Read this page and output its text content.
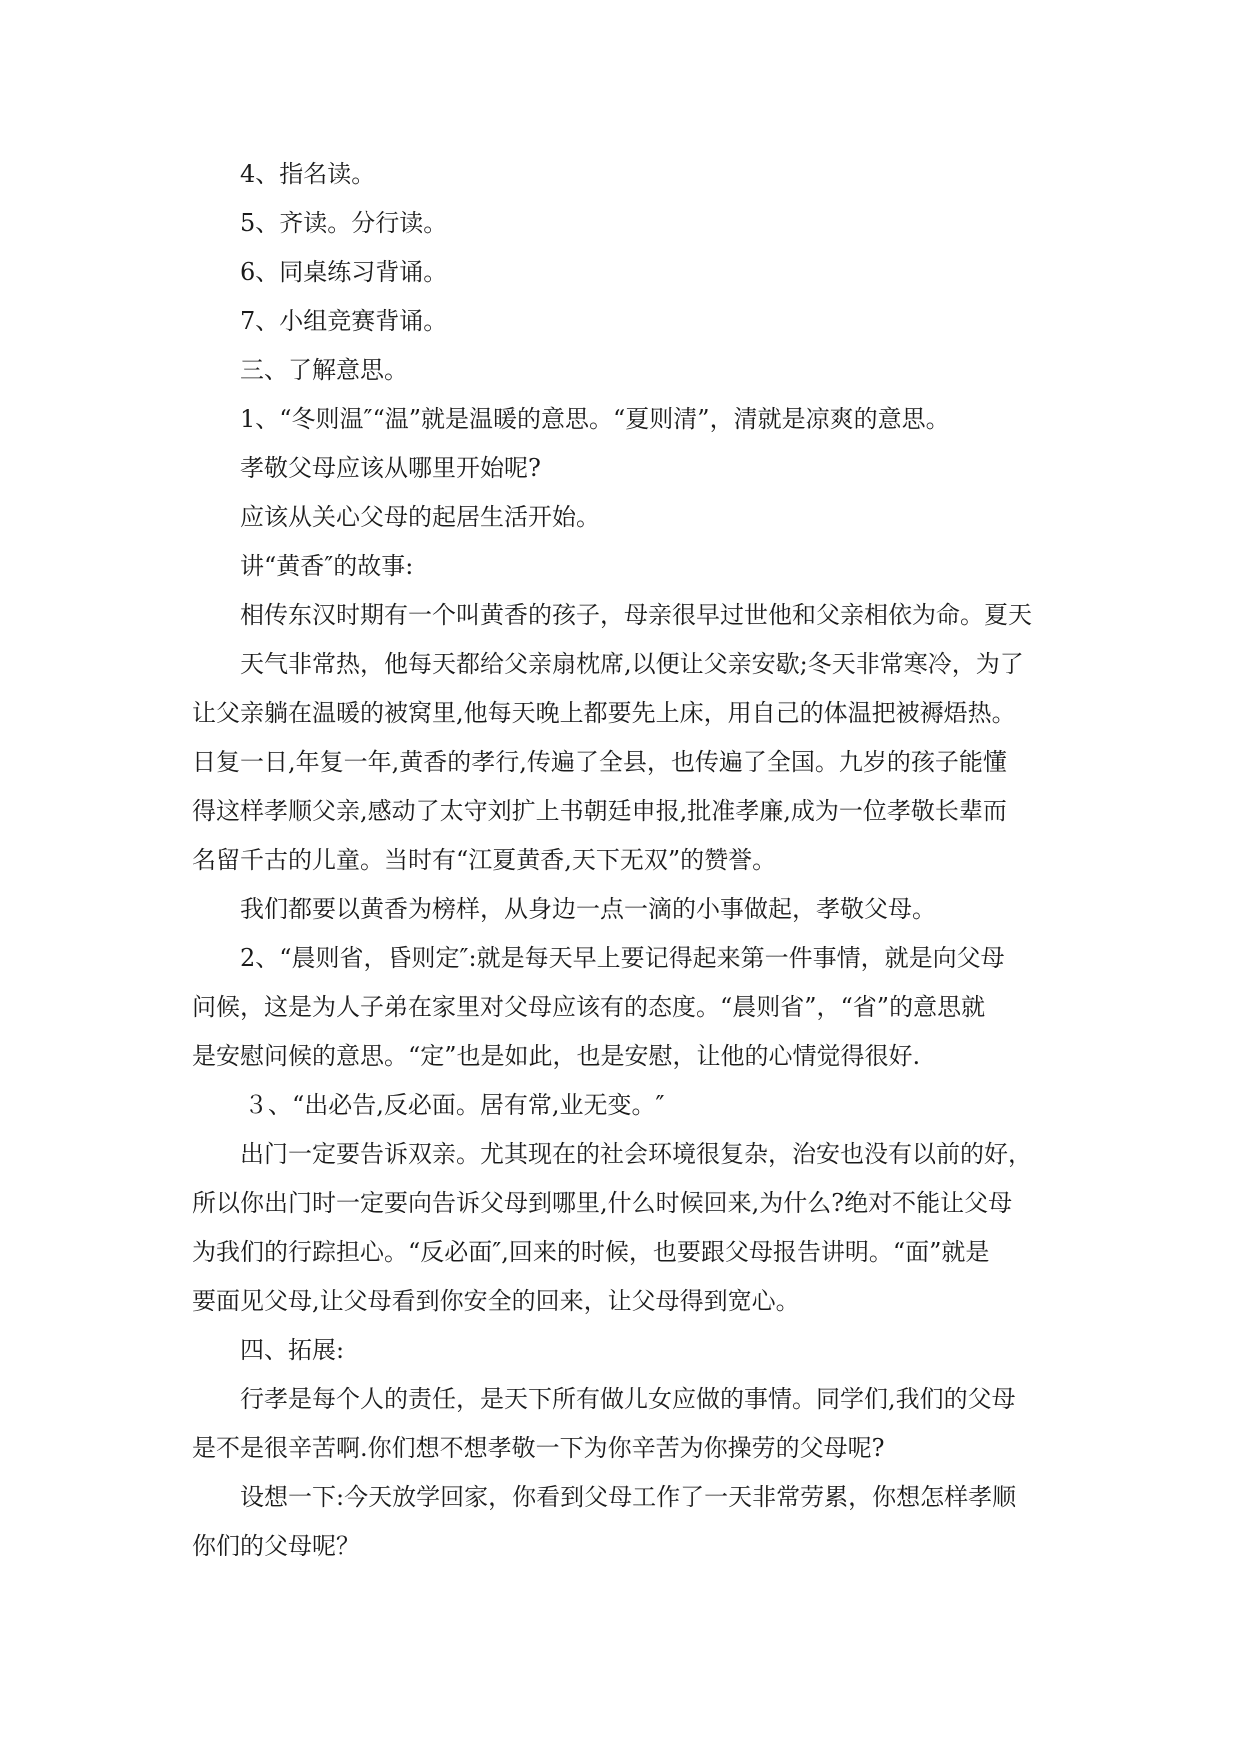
4、指名读。

5、齐读。分行读。

6、同桌练习背诵。

7、小组竞赛背诵。

三、了解意思。

1、“冬则温″“温”就是温暖的意思。“夏则清”，清就是凉爽的意思。

孝敬父母应该从哪里开始呢?

应该从关心父母的起居生活开始。

讲“黄香″的故事:

相传东汉时期有一个叫黄香的孩子，母亲很早过世他和父亲相依为命。夏天

天气非常热，他每天都给父亲扇枕席,以便让父亲安歇;冬天非常寒冷，为了

让父亲躺在温暖的被窝里,他每天晚上都要先上床，用自己的体温把被褥焐热。

日复一日,年复一年,黄香的孝行,传遍了全县，也传遍了全国。九岁的孩子能懂

得这样孝顺父亲,感动了太守刘扩上书朝廷申报,批准孝廉,成为一位孝敬长辈而

名留千古的儿童。当时有“江夏黄香,天下无双”的赞誉。

我们都要以黄香为榜样，从身边一点一滴的小事做起，孝敬父母。

2、“晨则省，昏则定″:就是每天早上要记得起来第一件事情，就是向父母

问候，这是为人子弟在家里对父母应该有的态度。“晨则省”，“省”的意思就

是安慰问候的意思。“定”也是如此，也是安慰，让他的心情觉得很好.

３、“出必告,反必面。居有常,业无变。″

出门一定要告诉双亲。尤其现在的社会环境很复杂，治安也没有以前的好，

所以你出门时一定要向告诉父母到哪里,什么时候回来,为什么?绝对不能让父母

为我们的行踪担心。“反必面″,回来的时候，也要跟父母报告讲明。“面”就是

要面见父母,让父母看到你安全的回来，让父母得到宽心。

四、拓展:

行孝是每个人的责任，是天下所有做儿女应做的事情。同学们,我们的父母

是不是很辛苦啊.你们想不想孝敬一下为你辛苦为你操劳的父母呢?

设想一下:今天放学回家，你看到父母工作了一天非常劳累，你想怎样孝顺

你们的父母呢？
